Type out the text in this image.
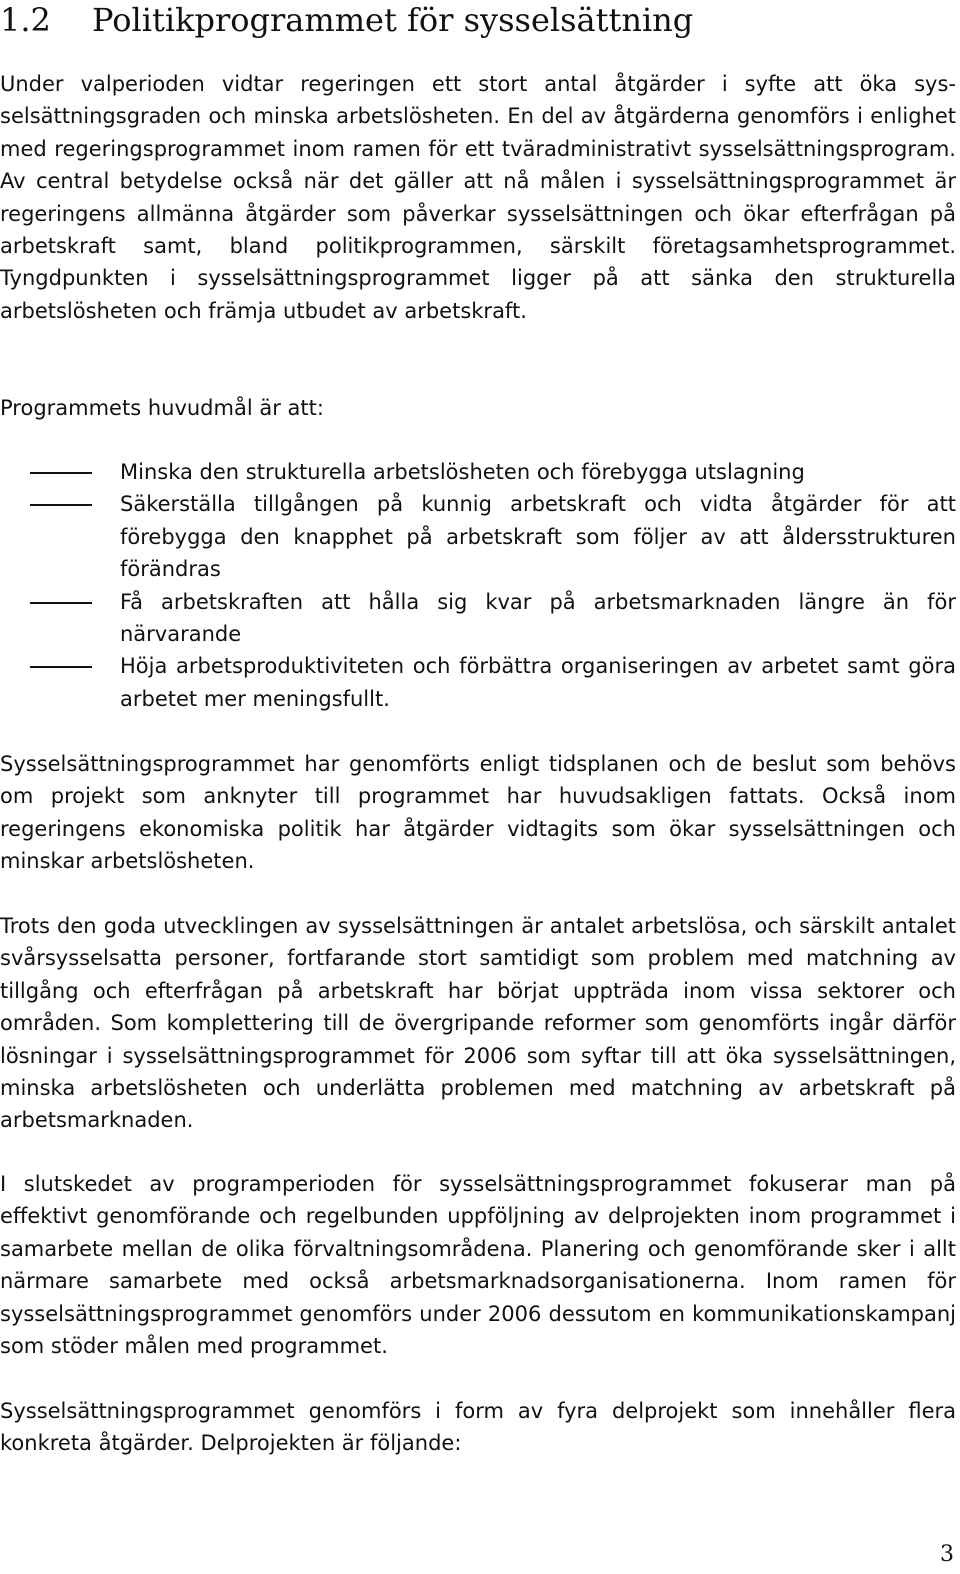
1.2 Politikprogrammet för sysselsättning

Under valperioden vidtar regeringen ett stort antal åtgärder i syfte att öka sysselsättningsgraden och minska arbetslösheten. En del av åtgärderna genomförs i enlighet med regeringsprogrammet inom ramen för ett tväradministrativt sysselsättningsprogram. Av central betydelse också när det gäller att nå målen i sysselsättningsprogrammet är regeringens allmänna åtgärder som påverkar sysselsättningen och ökar efterfrågan på arbetskraft samt, bland politikprogrammen, särskilt företagsamhetsprogrammet. Tyngdpunkten i sysselsättningsprogrammet ligger på att sänka den strukturella arbetslösheten och främja utbudet av arbetskraft.

Programmets huvudmål är att:

Minska den strukturella arbetslösheten och förebygga utslagning
Säkerställa tillgången på kunnig arbetskraft och vidta åtgärder för att förebygga den knapphet på arbetskraft som följer av att åldersstrukturen förändras
Få arbetskraften att hålla sig kvar på arbetsmarknaden längre än för närvarande
Höja arbetsproduktiviteten och förbättra organiseringen av arbetet samt göra arbetet mer meningsfullt.

Sysselsättningsprogrammet har genomförts enligt tidsplanen och de beslut som behövs om projekt som anknyter till programmet har huvudsakligen fattats. Också inom regeringens ekonomiska politik har åtgärder vidtagits som ökar sysselsättningen och minskar arbetslösheten.

Trots den goda utvecklingen av sysselsättningen är antalet arbetslösa, och särskilt antalet svårsysselsatta personer, fortfarande stort samtidigt som problem med matchning av tillgång och efterfrågan på arbetskraft har börjat uppträda inom vissa sektorer och områden. Som komplettering till de övergripande reformer som genomförts ingår därför lösningar i sysselsättningsprogrammet för 2006 som syftar till att öka sysselsättningen, minska arbetslösheten och underlätta problemen med matchning av arbetskraft på arbetsmarknaden.

I slutskedet av programperioden för sysselsättningsprogrammet fokuserar man på effektivt genomförande och regelbunden uppföljning av delprojekten inom programmet i samarbete mellan de olika förvaltningsområdena. Planering och genomförande sker i allt närmare samarbete med också arbetsmarknadsorganisationerna. Inom ramen för sysselsättningsprogrammet genomförs under 2006 dessutom en kommunikationskampanj som stöder målen med programmet.

Sysselsättningsprogrammet genomförs i form av fyra delprojekt som innehåller flera konkreta åtgärder. Delprojekten är följande:

3
